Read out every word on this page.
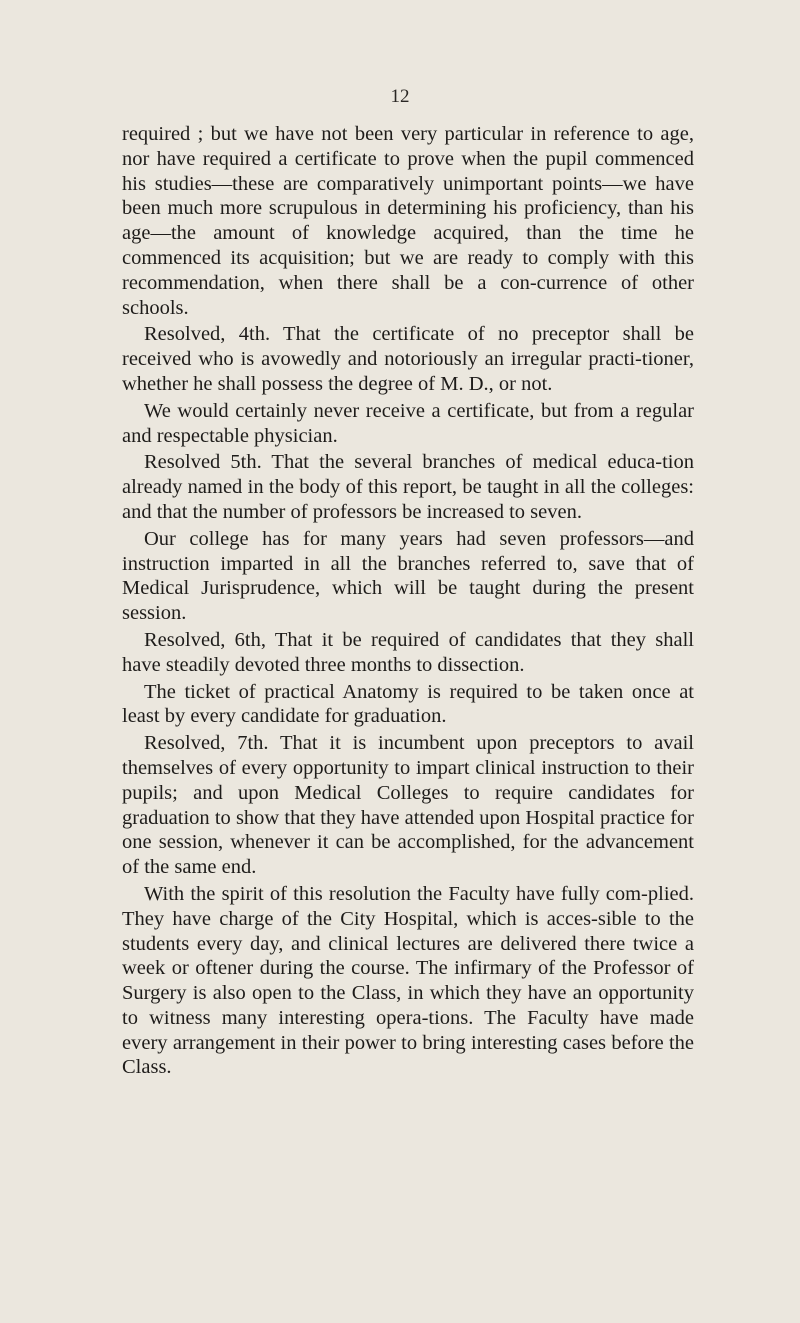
12

required ; but we have not been very particular in reference to age, nor have required a certificate to prove when the pupil commenced his studies—these are comparatively unimportant points—we have been much more scrupulous in determining his proficiency, than his age—the amount of knowledge acquired, than the time he commenced its acquisition; but we are ready to comply with this recommendation, when there shall be a con-currence of other schools.

Resolved, 4th. That the certificate of no preceptor shall be received who is avowedly and notoriously an irregular practi-tioner, whether he shall possess the degree of M. D., or not.

We would certainly never receive a certificate, but from a regular and respectable physician.

Resolved 5th. That the several branches of medical educa-tion already named in the body of this report, be taught in all the colleges: and that the number of professors be increased to seven.

Our college has for many years had seven professors—and instruction imparted in all the branches referred to, save that of Medical Jurisprudence, which will be taught during the present session.

Resolved, 6th, That it be required of candidates that they shall have steadily devoted three months to dissection.

The ticket of practical Anatomy is required to be taken once at least by every candidate for graduation.

Resolved, 7th. That it is incumbent upon preceptors to avail themselves of every opportunity to impart clinical instruction to their pupils; and upon Medical Colleges to require candidates for graduation to show that they have attended upon Hospital practice for one session, whenever it can be accomplished, for the advancement of the same end.

With the spirit of this resolution the Faculty have fully com-plied. They have charge of the City Hospital, which is acces-sible to the students every day, and clinical lectures are delivered there twice a week or oftener during the course. The infirmary of the Professor of Surgery is also open to the Class, in which they have an opportunity to witness many interesting opera-tions. The Faculty have made every arrangement in their power to bring interesting cases before the Class.
